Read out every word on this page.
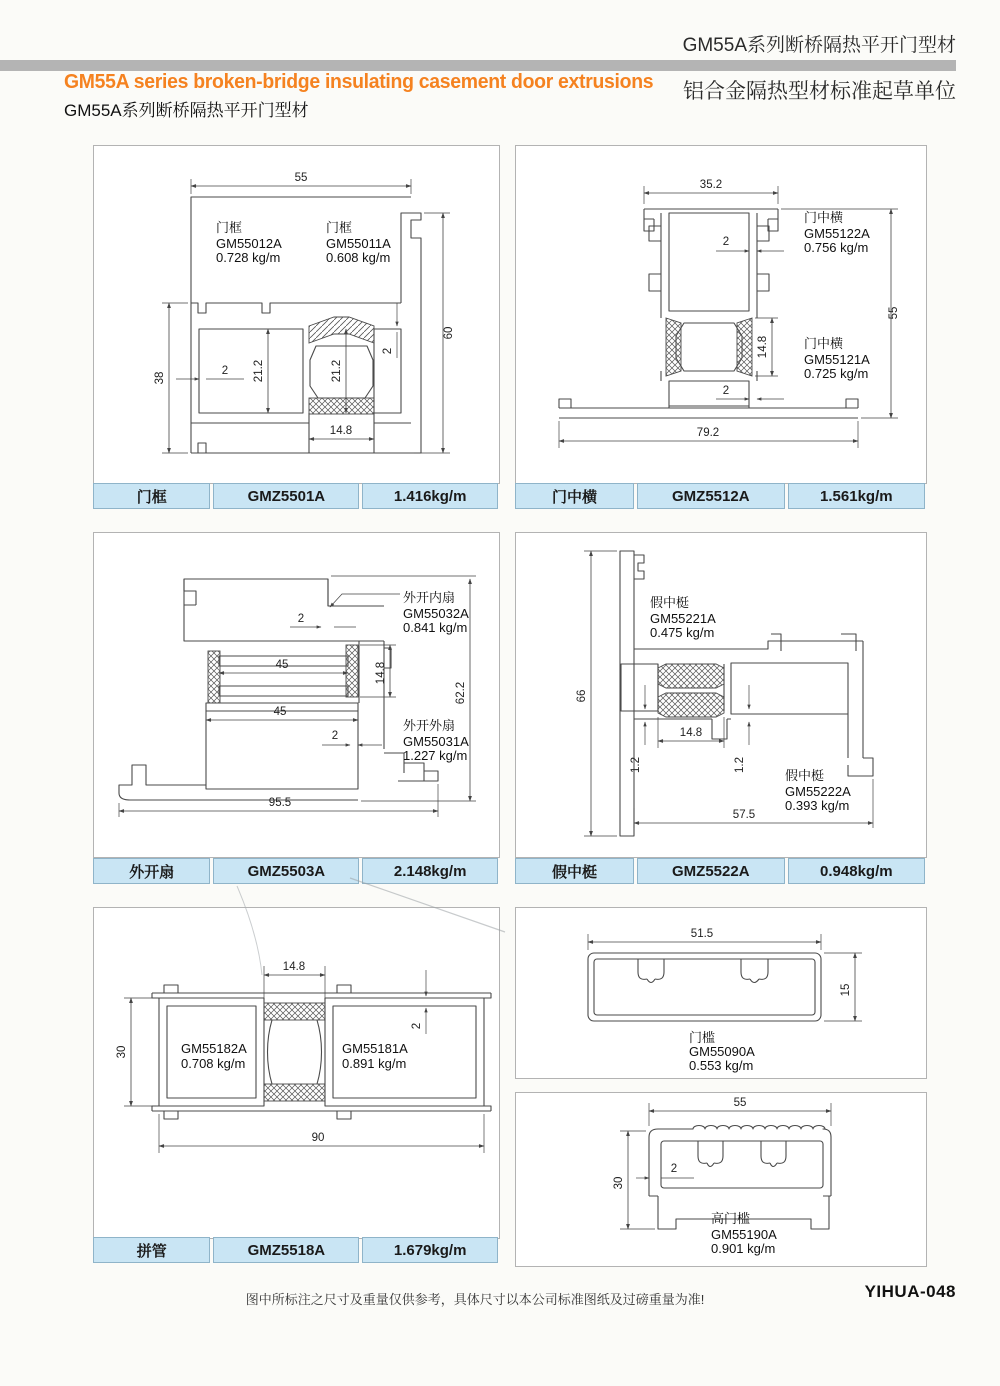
GM55A系列断桥隔热平开门型材
GM55A series broken-bridge insulating casement door extrusions
GM55A系列断桥隔热平开门型材
铝合金隔热型材标准起草单位
55
60
38
2 21.2	21.2
2
14.8
门框
GM55012A
0.728 kg/m
门框
GM55011A
0.608 kg/m
35.2
2
55
14.8
2
79.2
门中横
GM55122A
0.756 kg/m
门中横
GM55121A
0.725 kg/m
门框	GMZ5501A	1.416kg/m	门中横	GMZ5512A	1.561kg/m
2
45	14.8
45
2
62.2
95.5
外开内扇
GM55032A
0.841 kg/m
外开外扇
GM55031A
1.227 kg/m
66
14.8
1.2	1.2
57.5
假中梃
GM55221A
0.475 kg/m
假中梃
GM55222A
0.393 kg/m
外开扇	GMZ5503A	2.148kg/m	假中梃	GMZ5522A	0.948kg/m
14.8
30
2
90
GM55182A
0.708 kg/m
GM55181A
0.891 kg/m
51.5
15
门槛
GM55090A
0.553 kg/m
55
30
2
高门槛
GM55190A
0.901 kg/m
拼管	GMZ5518A	1.679kg/m
图中所标注之尺寸及重量仅供参考，具体尺寸以本公司标准图纸及过磅重量为准!	YIHUA-048
